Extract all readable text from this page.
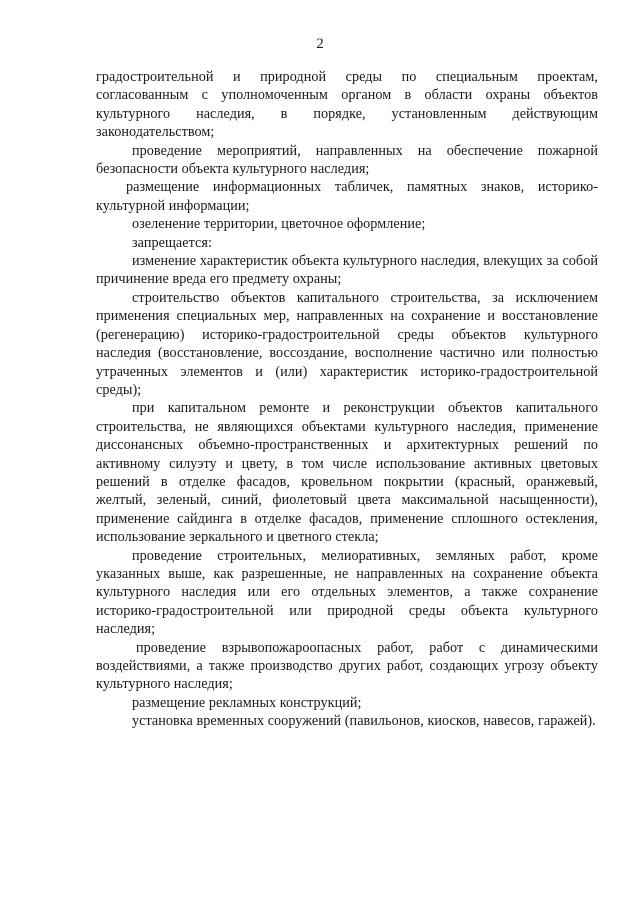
2

градостроительной и природной среды по специальным проектам, согласованным с уполномоченным органом в области охраны объектов культурного наследия, в порядке, установленным действующим законодательством;

проведение мероприятий, направленных на обеспечение пожарной безопасности объекта культурного наследия;

размещение информационных табличек, памятных знаков, историко-культурной информации;

озеленение территории, цветочное оформление;

запрещается:

изменение характеристик объекта культурного наследия, влекущих за собой причинение вреда его предмету охраны;

строительство объектов капитального строительства, за исключением применения специальных мер, направленных на сохранение и восстановление (регенерацию) историко-градостроительной среды объектов культурного наследия (восстановление, воссоздание, восполнение частично или полностью утраченных элементов и (или) характеристик историко-градостроительной среды);

при капитальном ремонте и реконструкции объектов капитального строительства, не являющихся объектами культурного наследия, применение диссонансных объемно-пространственных и архитектурных решений по активному силуэту и цвету, в том числе использование активных цветовых решений в отделке фасадов, кровельном покрытии (красный, оранжевый, желтый, зеленый, синий, фиолетовый цвета максимальной насыщенности), применение сайдинга в отделке фасадов, применение сплошного остекления, использование зеркального и цветного стекла;

проведение строительных, мелиоративных, земляных работ, кроме указанных выше, как разрешенные, не направленных на сохранение объекта культурного наследия или его отдельных элементов, а также сохранение историко-градостроительной или природной среды объекта культурного наследия;

проведение взрывопожароопасных работ, работ с динамическими воздействиями, а также производство других работ, создающих угрозу объекту культурного наследия;

размещение рекламных конструкций;

установка временных сооружений (павильонов, киосков, навесов, гаражей).
